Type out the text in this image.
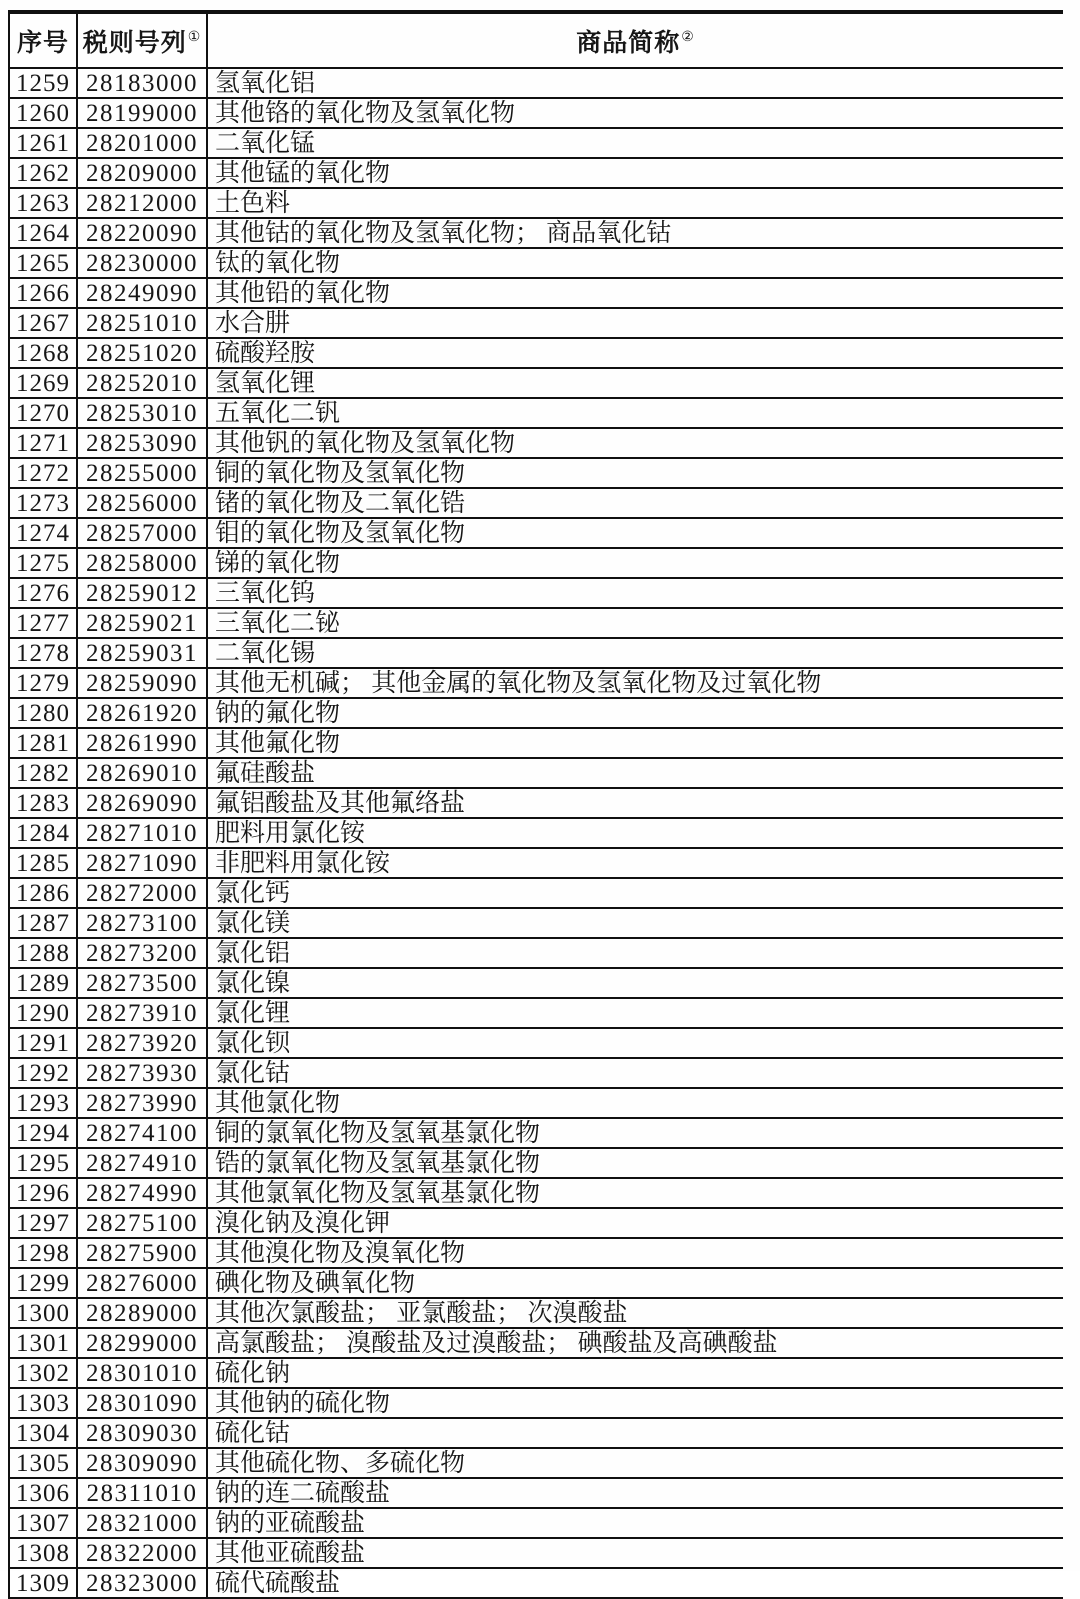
序号	税则号列①	商品简称②
1259	28183000	氢氧化铝
1260	28199000	其他铬的氧化物及氢氧化物
1261	28201000	二氧化锰
1262	28209000	其他锰的氧化物
1263	28212000	土色料
1264	28220090	其他钴的氧化物及氢氧化物； 商品氧化钴
1265	28230000	钛的氧化物
1266	28249090	其他铅的氧化物
1267	28251010	水合肼
1268	28251020	硫酸羟胺
1269	28252010	氢氧化锂
1270	28253010	五氧化二钒
1271	28253090	其他钒的氧化物及氢氧化物
1272	28255000	铜的氧化物及氢氧化物
1273	28256000	锗的氧化物及二氧化锆
1274	28257000	钼的氧化物及氢氧化物
1275	28258000	锑的氧化物
1276	28259012	三氧化钨
1277	28259021	三氧化二铋
1278	28259031	二氧化锡
1279	28259090	其他无机碱； 其他金属的氧化物及氢氧化物及过氧化物
1280	28261920	钠的氟化物
1281	28261990	其他氟化物
1282	28269010	氟硅酸盐
1283	28269090	氟铝酸盐及其他氟络盐
1284	28271010	肥料用氯化铵
1285	28271090	非肥料用氯化铵
1286	28272000	氯化钙
1287	28273100	氯化镁
1288	28273200	氯化铝
1289	28273500	氯化镍
1290	28273910	氯化锂
1291	28273920	氯化钡
1292	28273930	氯化钴
1293	28273990	其他氯化物
1294	28274100	铜的氯氧化物及氢氧基氯化物
1295	28274910	锆的氯氧化物及氢氧基氯化物
1296	28274990	其他氯氧化物及氢氧基氯化物
1297	28275100	溴化钠及溴化钾
1298	28275900	其他溴化物及溴氧化物
1299	28276000	碘化物及碘氧化物
1300	28289000	其他次氯酸盐； 亚氯酸盐； 次溴酸盐
1301	28299000	高氯酸盐； 溴酸盐及过溴酸盐； 碘酸盐及高碘酸盐
1302	28301010	硫化钠
1303	28301090	其他钠的硫化物
1304	28309030	硫化钴
1305	28309090	其他硫化物、多硫化物
1306	28311010	钠的连二硫酸盐
1307	28321000	钠的亚硫酸盐
1308	28322000	其他亚硫酸盐
1309	28323000	硫代硫酸盐
